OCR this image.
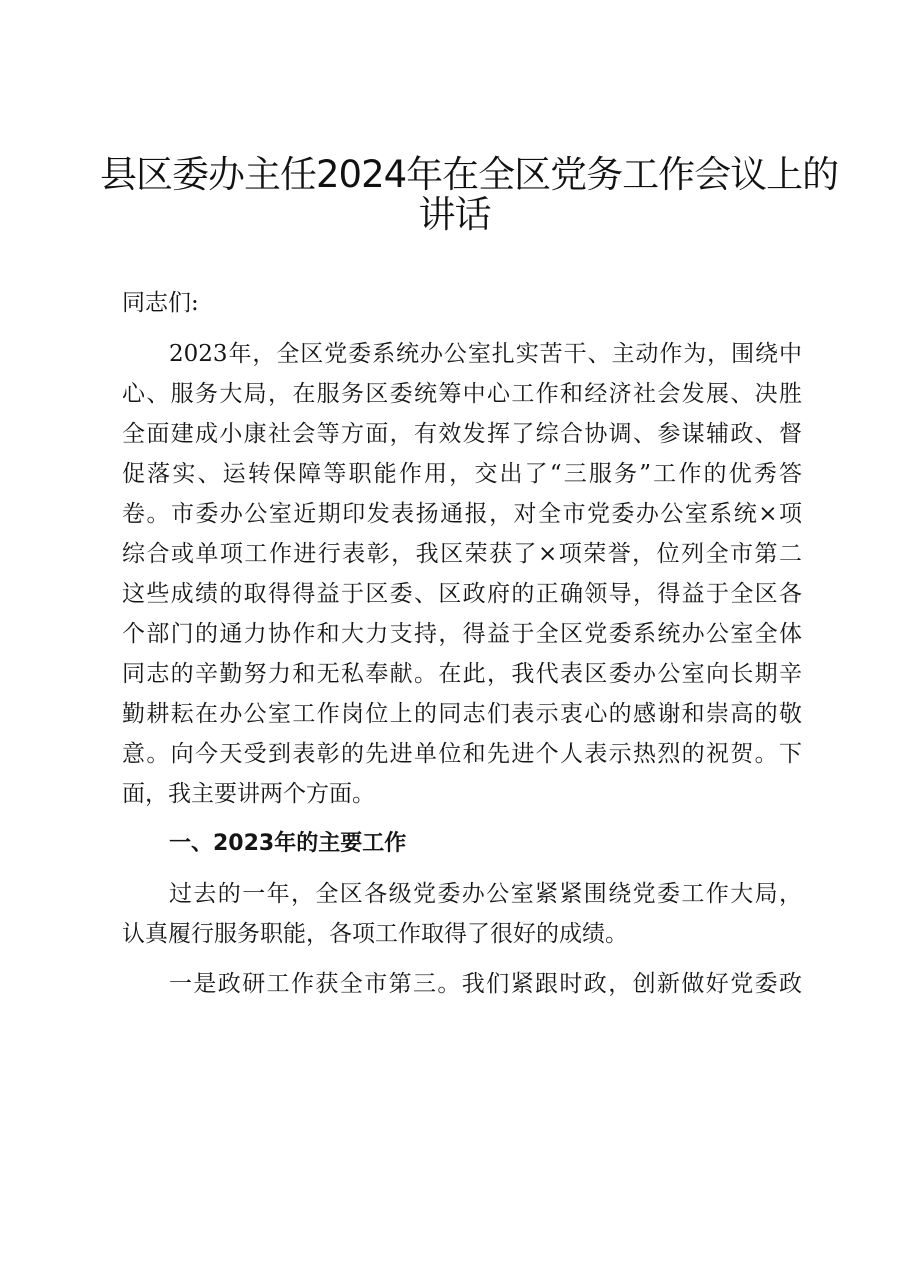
县区委办主任2024年在全区党务工作会议上的
讲话
同志们:
2023年，全区党委系统办公室扎实苦干、主动作为，围绕中
心、服务大局，在服务区委统筹中心工作和经济社会发展、决胜
全面建成小康社会等方面，有效发挥了综合协调、参谋辅政、督
促落实、运转保障等职能作用，交出了“三服务”工作的优秀答
卷。市委办公室近期印发表扬通报，对全市党委办公室系统×项
综合或单项工作进行表彰，我区荣获了×项荣誉，位列全市第二
这些成绩的取得得益于区委、区政府的正确领导，得益于全区各
个部门的通力协作和大力支持，得益于全区党委系统办公室全体
同志的辛勤努力和无私奉献。在此，我代表区委办公室向长期辛
勤耕耘在办公室工作岗位上的同志们表示衷心的感谢和崇高的敬
意。向今天受到表彰的先进单位和先进个人表示热烈的祝贺。下
面，我主要讲两个方面。
一、2023年的主要工作
过去的一年，全区各级党委办公室紧紧围绕党委工作大局，
认真履行服务职能，各项工作取得了很好的成绩。
一是政研工作获全市第三。我们紧跟时政，创新做好党委政
